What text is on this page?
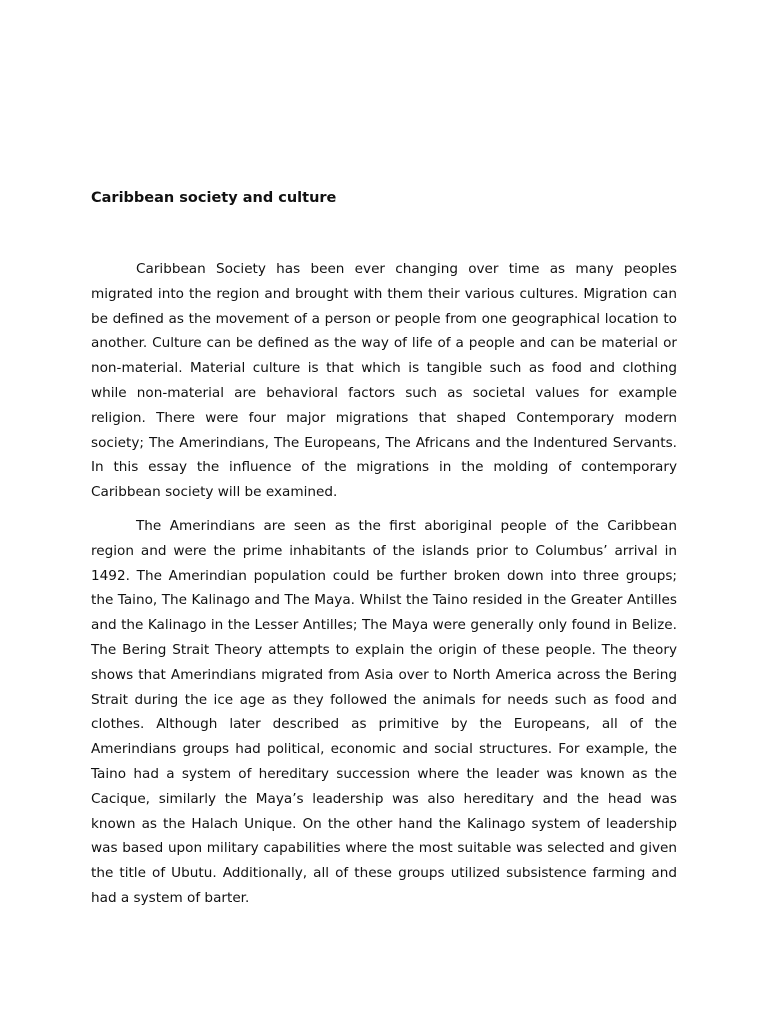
Caribbean society and culture

Caribbean Society has been ever changing over time as many peoples migrated into the region and brought with them their various cultures. Migration can be defined as the movement of a person or people from one geographical location to another. Culture can be defined as the way of life of a people and can be material or non-material. Material culture is that which is tangible such as food and clothing while non-material are behavioral factors such as societal values for example religion. There were four major migrations that shaped Contemporary modern society; The Amerindians, The Europeans, The Africans and the Indentured Servants. In this essay the influence of the migrations in the molding of contemporary Caribbean society will be examined.

The Amerindians are seen as the first aboriginal people of the Caribbean region and were the prime inhabitants of the islands prior to Columbus’ arrival in 1492. The Amerindian population could be further broken down into three groups; the Taino, The Kalinago and The Maya. Whilst the Taino resided in the Greater Antilles and the Kalinago in the Lesser Antilles; The Maya were generally only found in Belize. The Bering Strait Theory attempts to explain the origin of these people. The theory shows that Amerindians migrated from Asia over to North America across the Bering Strait during the ice age as they followed the animals for needs such as food and clothes. Although later described as primitive by the Europeans, all of the Amerindians groups had political, economic and social structures. For example, the Taino had a system of hereditary succession where the leader was known as the Cacique, similarly the Maya’s leadership was also hereditary and the head was known as the Halach Unique. On the other hand the Kalinago system of leadership was based upon military capabilities where the most suitable was selected and given the title of Ubutu. Additionally, all of these groups utilized subsistence farming and had a system of barter.
